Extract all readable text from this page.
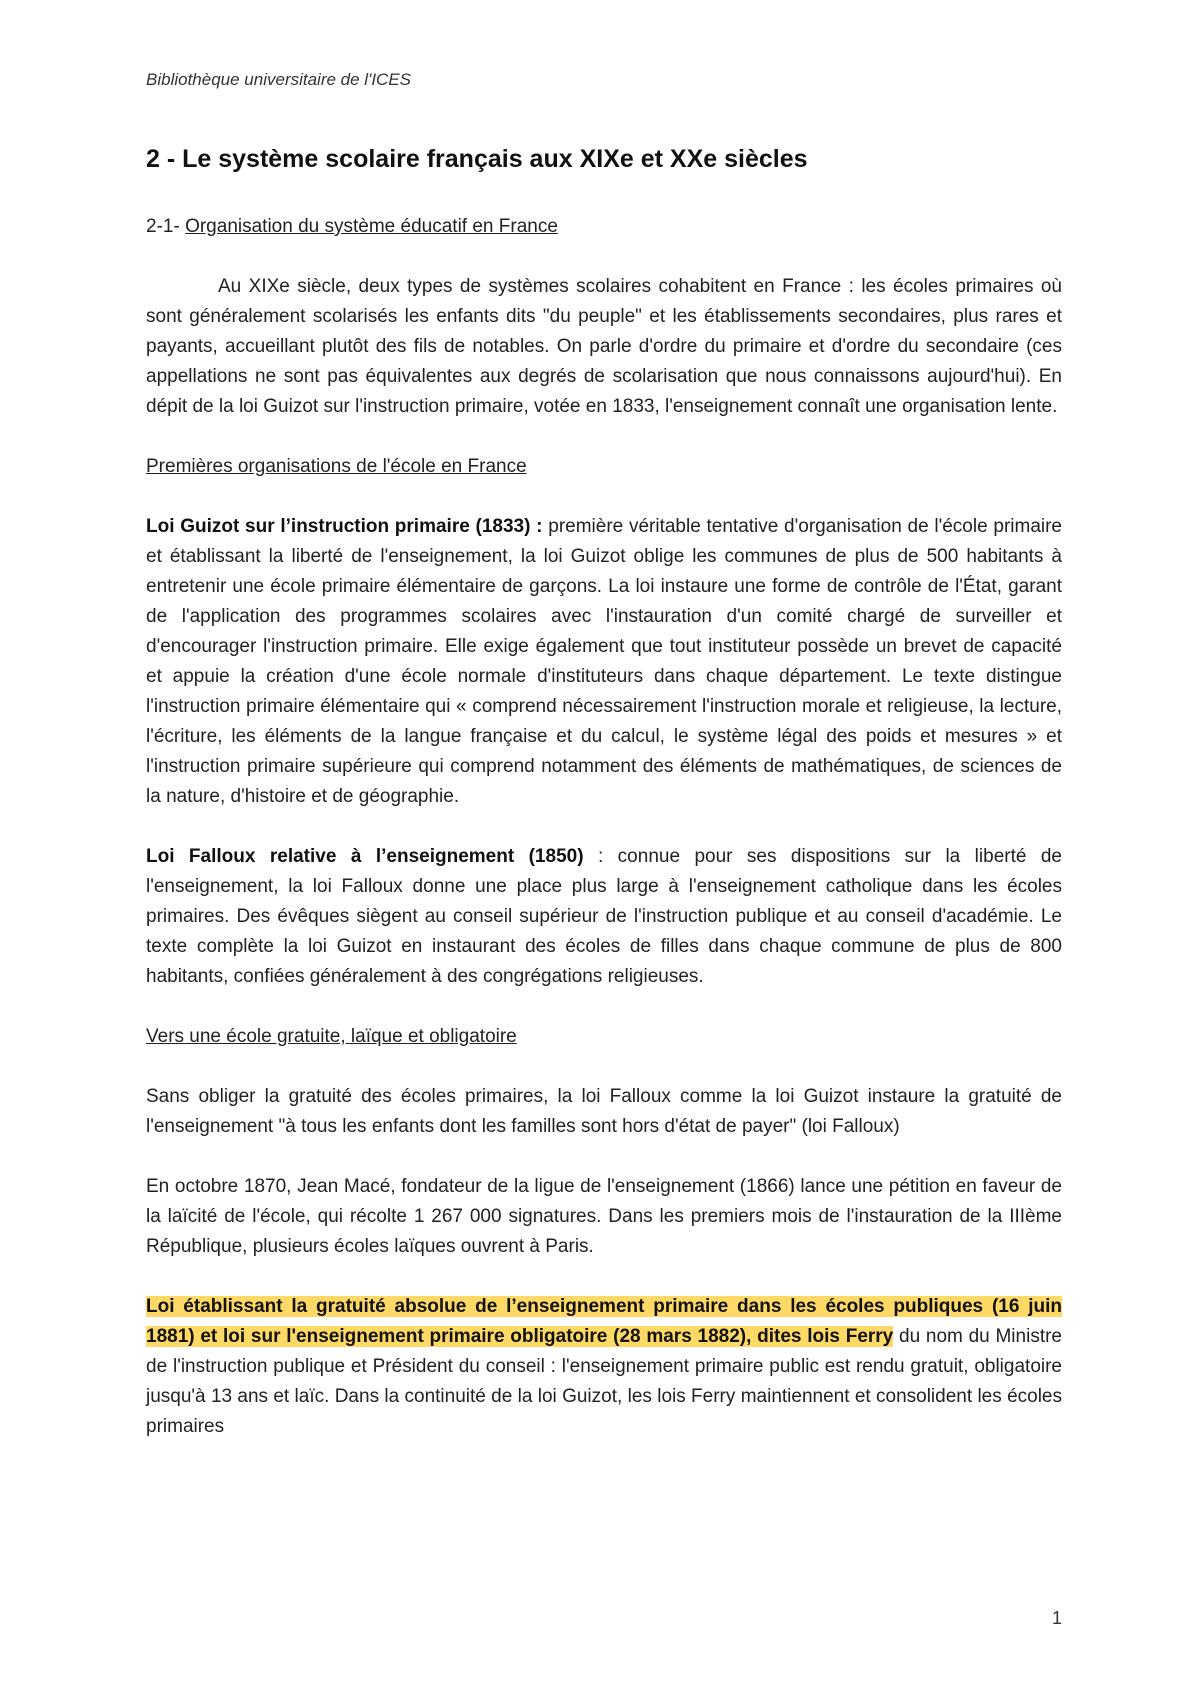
Bibliothèque universitaire de l'ICES
2 - Le système scolaire français aux XIXe et XXe siècles
2-1- Organisation du système éducatif en France

Au XIXe siècle, deux types de systèmes scolaires cohabitent en France : les écoles primaires où sont généralement scolarisés les enfants dits "du peuple" et les établissements secondaires, plus rares et payants, accueillant plutôt des fils de notables. On parle d'ordre du primaire et d'ordre du secondaire (ces appellations ne sont pas équivalentes aux degrés de scolarisation que nous connaissons aujourd'hui). En dépit de la loi Guizot sur l'instruction primaire, votée en 1833, l'enseignement connaît une organisation lente.

Premières organisations de l'école en France

Loi Guizot sur l’instruction primaire (1833) : première véritable tentative d'organisation de l'école primaire et établissant la liberté de l'enseignement, la loi Guizot oblige les communes de plus de 500 habitants à entretenir une école primaire élémentaire de garçons. La loi instaure une forme de contrôle de l'État, garant de l'application des programmes scolaires avec l'instauration d'un comité chargé de surveiller et d'encourager l'instruction primaire. Elle exige également que tout instituteur possède un brevet de capacité et appuie la création d'une école normale d'instituteurs dans chaque département. Le texte distingue l'instruction primaire élémentaire qui « comprend nécessairement l'instruction morale et religieuse, la lecture, l'écriture, les éléments de la langue française et du calcul, le système légal des poids et mesures » et l'instruction primaire supérieure qui comprend notamment des éléments de mathématiques, de sciences de la nature, d'histoire et de géographie.

Loi Falloux relative à l’enseignement (1850) : connue pour ses dispositions sur la liberté de l'enseignement, la loi Falloux donne une place plus large à l'enseignement catholique dans les écoles primaires. Des évêques siègent au conseil supérieur de l'instruction publique et au conseil d'académie. Le texte complète la loi Guizot en instaurant des écoles de filles dans chaque commune de plus de 800 habitants, confiées généralement à des congrégations religieuses.

Vers une école gratuite, laïque et obligatoire

Sans obliger la gratuité des écoles primaires, la loi Falloux comme la loi Guizot instaure la gratuité de l'enseignement "à tous les enfants dont les familles sont hors d'état de payer" (loi Falloux)

En octobre 1870, Jean Macé, fondateur de la ligue de l'enseignement (1866) lance une pétition en faveur de la laïcité de l'école, qui récolte 1 267 000 signatures. Dans les premiers mois de l'instauration de la IIIème République, plusieurs écoles laïques ouvrent à Paris.

Loi établissant la gratuité absolue de l’enseignement primaire dans les écoles publiques (16 juin 1881) et loi sur l'enseignement primaire obligatoire (28 mars 1882), dites lois Ferry du nom du Ministre de l'instruction publique et Président du conseil : l'enseignement primaire public est rendu gratuit, obligatoire jusqu'à 13 ans et laïc. Dans la continuité de la loi Guizot, les lois Ferry maintiennent et consolident les écoles primaires

1
